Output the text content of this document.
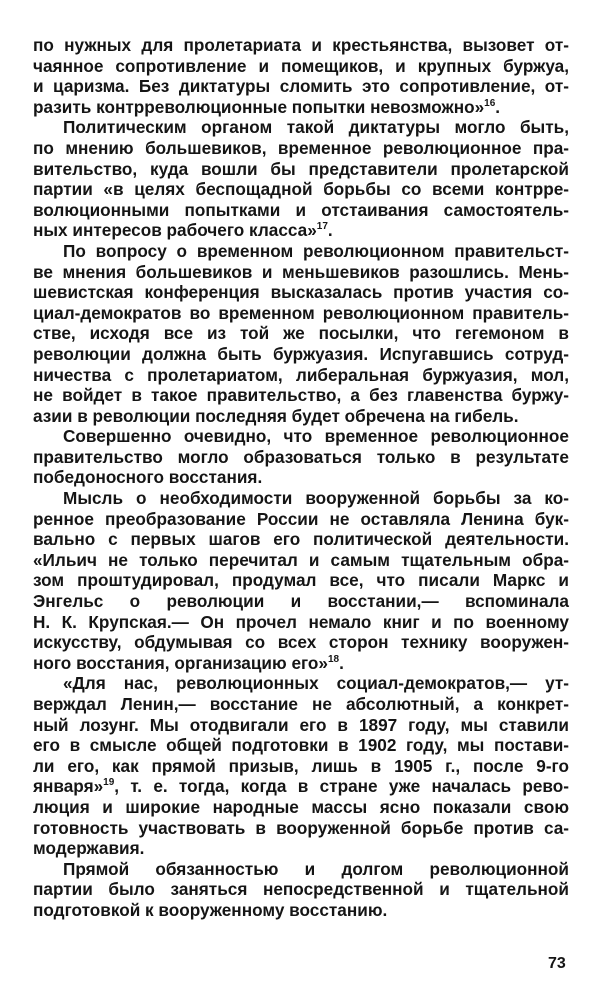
по нужных для пролетариата и крестьянства, вызовет от-
чаянное сопротивление и помещиков, и крупных буржуа,
и царизма. Без диктатуры сломить это сопротивление, от-
разить контрреволюционные попытки невозможно»$^{16}$.
Политическим органом такой диктатуры могло быть,
по мнению большевиков, временное революционное пра-
вительство, куда вошли бы представители пролетарской
партии «в целях беспощадной борьбы со всеми контрре-
волюционными попытками и отстаивания самостоятель-
ных интересов рабочего класса»$^{17}$.
По вопросу о временном революционном правительст-
ве мнения большевиков и меньшевиков разошлись. Мень-
шевистская конференция высказалась против участия со-
циал-демократов во временном революционном правитель-
стве, исходя все из той же посылки, что гегемоном в
революции должна быть буржуазия. Испугавшись сотруд-
ничества с пролетариатом, либеральная буржуазия, мол,
не войдет в такое правительство, а без главенства буржу-
азии в революции последняя будет обречена на гибель.
Совершенно очевидно, что временное революционное
правительство могло образоваться только в результате
победоносного восстания.
Мысль о необходимости вооруженной борьбы за ко-
ренное преобразование России не оставляла Ленина бук-
вально с первых шагов его политической деятельности.
«Ильич не только перечитал и самым тщательным обра-
зом проштудировал, продумал все, что писали Маркс и
Энгельс о революции и восстании,— вспоминала
Н. К. Крупская.— Он прочел немало книг и по военному
искусству, обдумывая со всех сторон технику вооружен-
ного восстания, организацию его»$^{18}$.
«Для нас, революционных социал-демократов,— ут-
верждал Ленин,— восстание не абсолютный, а конкрет-
ный лозунг. Мы отодвигали его в 1897 году, мы ставили
его в смысле общей подготовки в 1902 году, мы постави-
ли его, как прямой призыв, лишь в 1905 г., после 9-го
января»$^{19}$, т. е. тогда, когда в стране уже началась рево-
люция и широкие народные массы ясно показали свою
готовность участвовать в вооруженной борьбе против са-
модержавия.
Прямой обязанностью и долгом революционной
партии было заняться непосредственной и тщательной
подготовкой к вооруженному восстанию.
73
